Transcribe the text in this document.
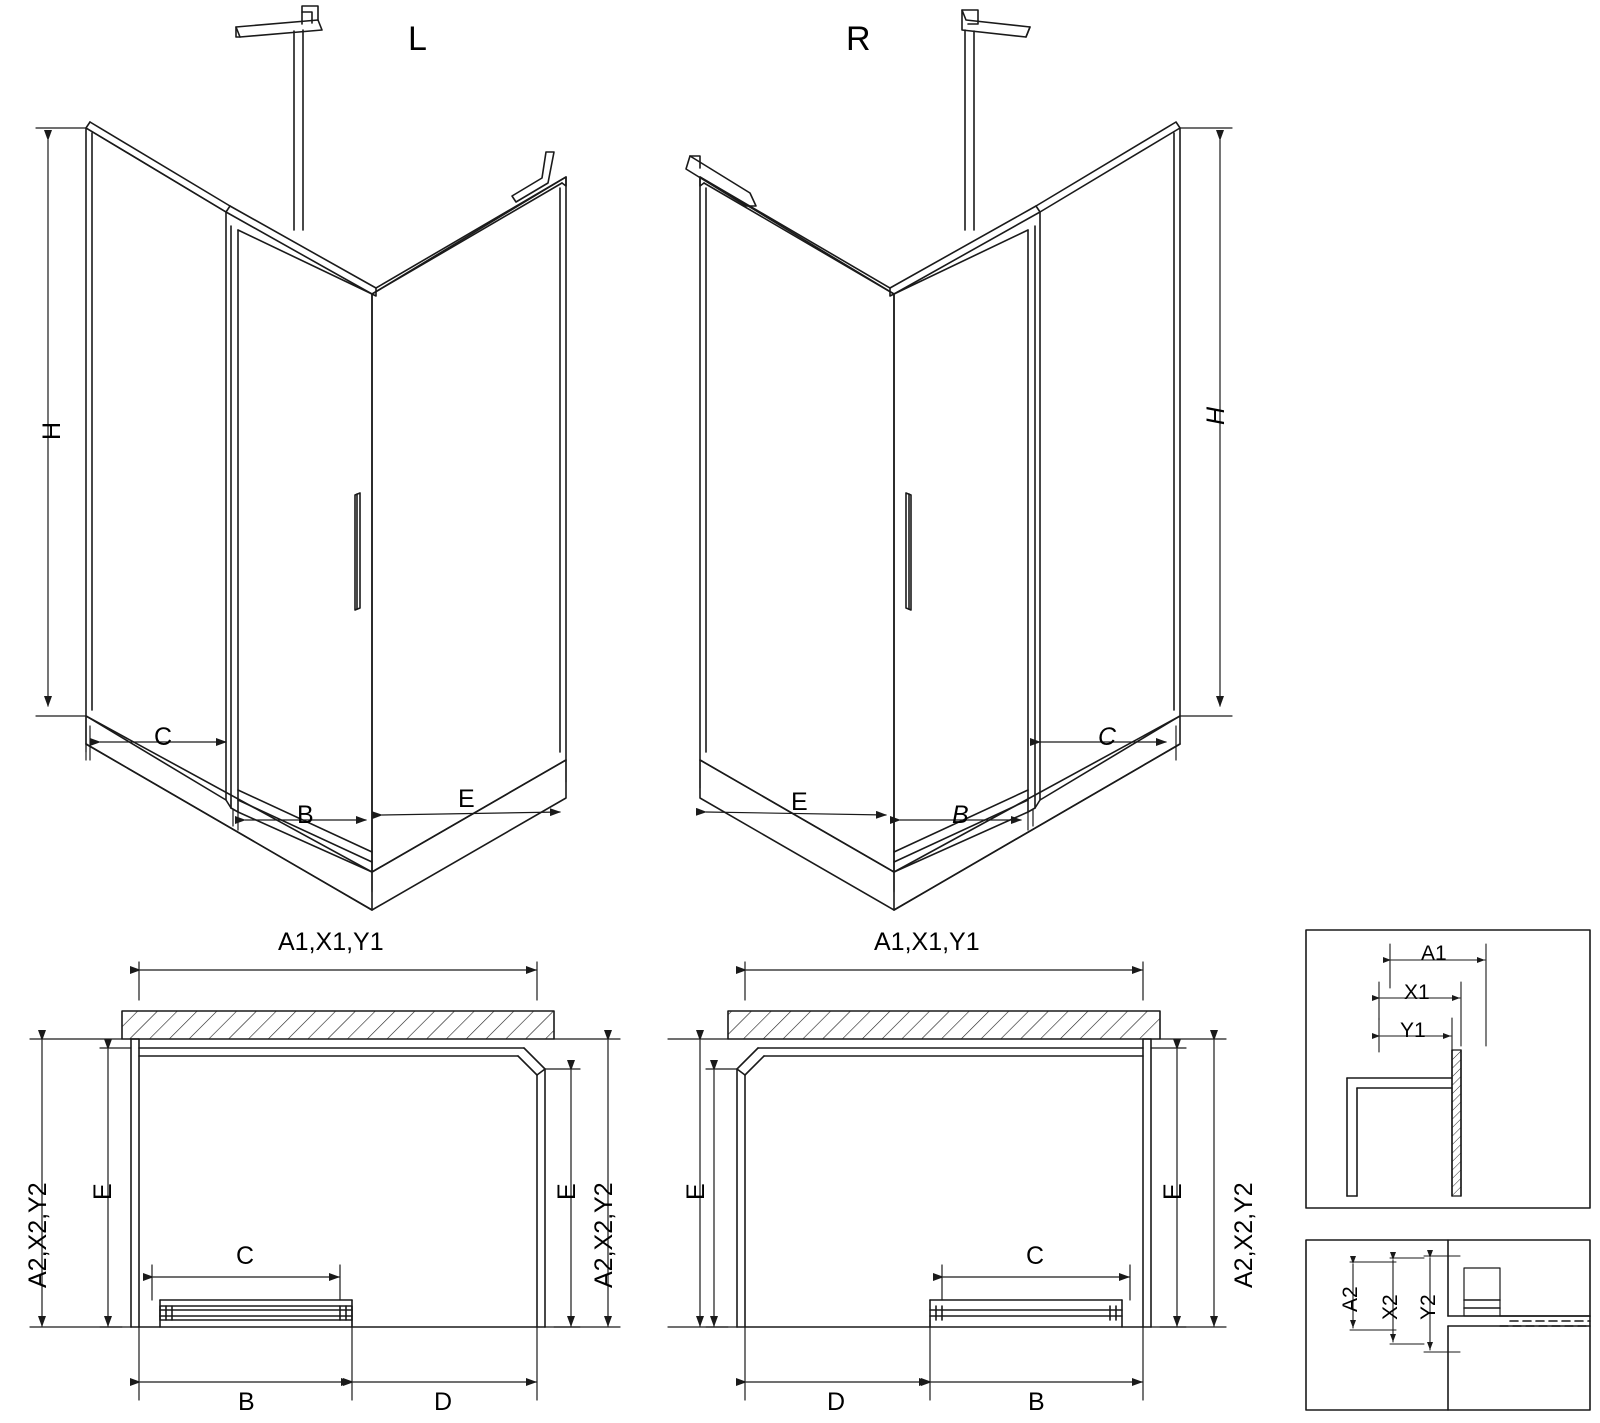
L
H
C
B
E
R
H
E	B
C
A1,X1,Y1
A2,X2,Y2 E	E A2,X2,Y2
C
B	D
A1,X1,Y1
E	E A2,X2,Y2
C
D	B
A1
X1
Y1
A2 X2 Y2
